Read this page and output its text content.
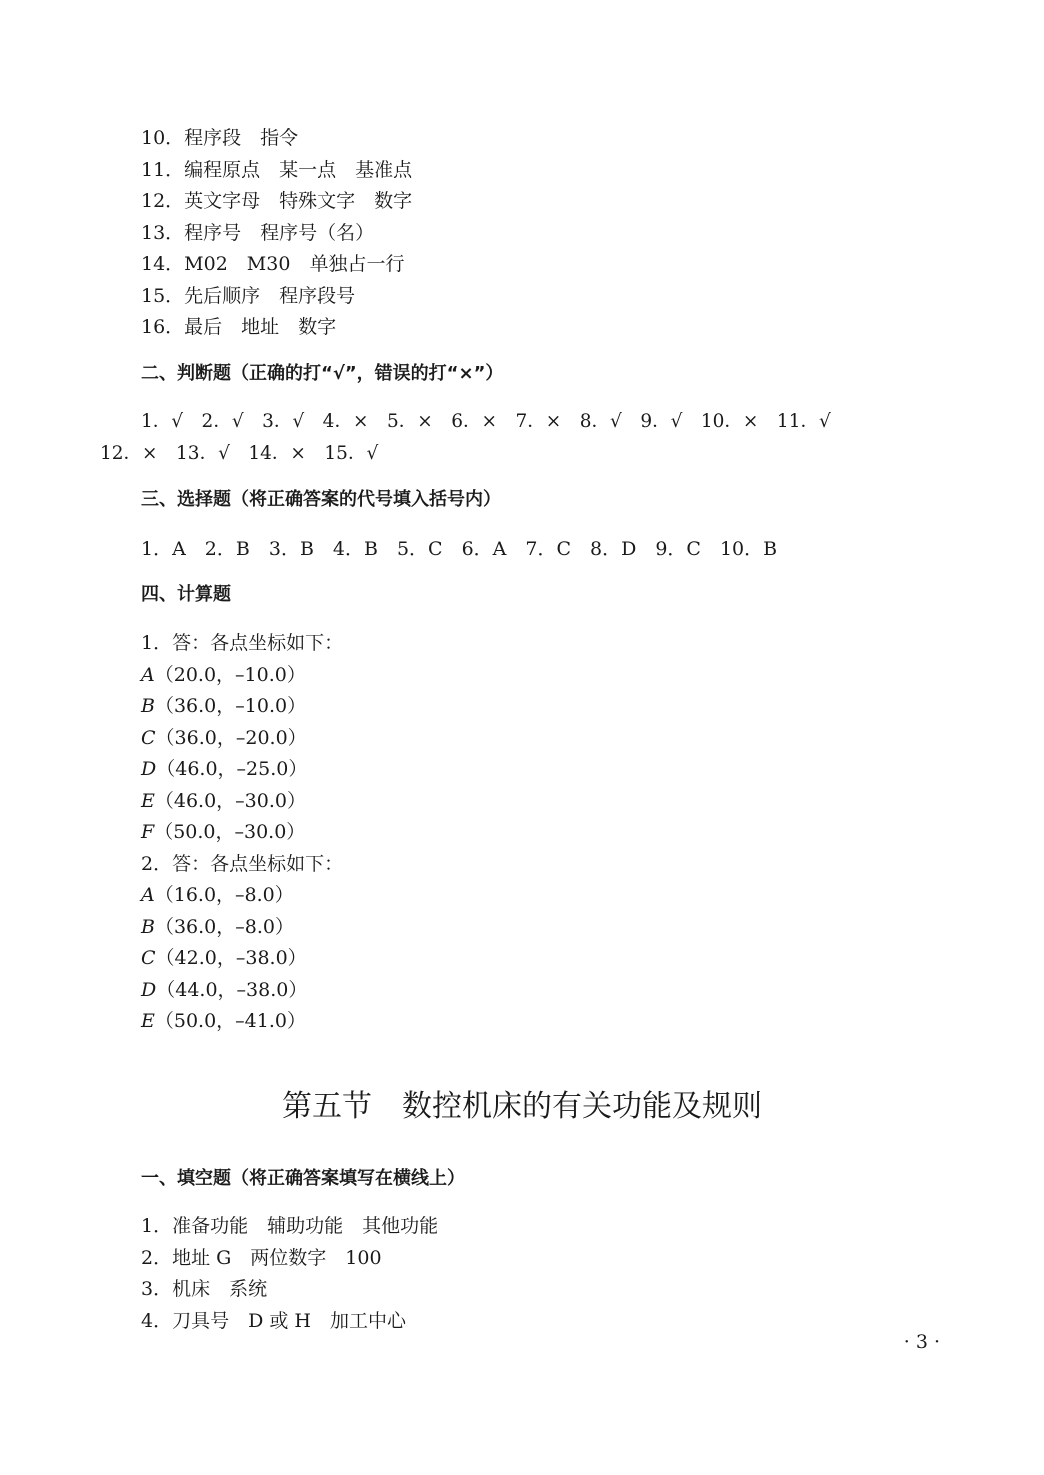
10．程序段　指令
11．编程原点　某一点　基准点
12．英文字母　特殊文字　数字
13．程序号　程序号（名）
14．M02　M30　单独占一行
15．先后顺序　程序段号
16．最后　地址　数字
二、判断题（正确的打“√”，错误的打“×”）
1．√　2．√　3．√　4．×　5．×　6．×　7．×　8．√　9．√　10．×　11．√
12．×　13．√　14．×　15．√
三、选择题（将正确答案的代号填入括号内）
1．A　2．B　3．B　4．B　5．C　6．A　7．C　8．D　9．C　10．B
四、计算题
1．答：各点坐标如下：
A（20.0，–10.0）
B（36.0，–10.0）
C（36.0，–20.0）
D（46.0，–25.0）
E（46.0，–30.0）
F（50.0，–30.0）
2．答：各点坐标如下：
A（16.0，–8.0）
B（36.0，–8.0）
C（42.0，–38.0）
D（44.0，–38.0）
E（50.0，–41.0）
第五节　数控机床的有关功能及规则
一、填空题（将正确答案填写在横线上）
1．准备功能　辅助功能　其他功能
2．地址 G　两位数字　100
3．机床　系统
4．刀具号　D 或 H　加工中心
· 3 ·
